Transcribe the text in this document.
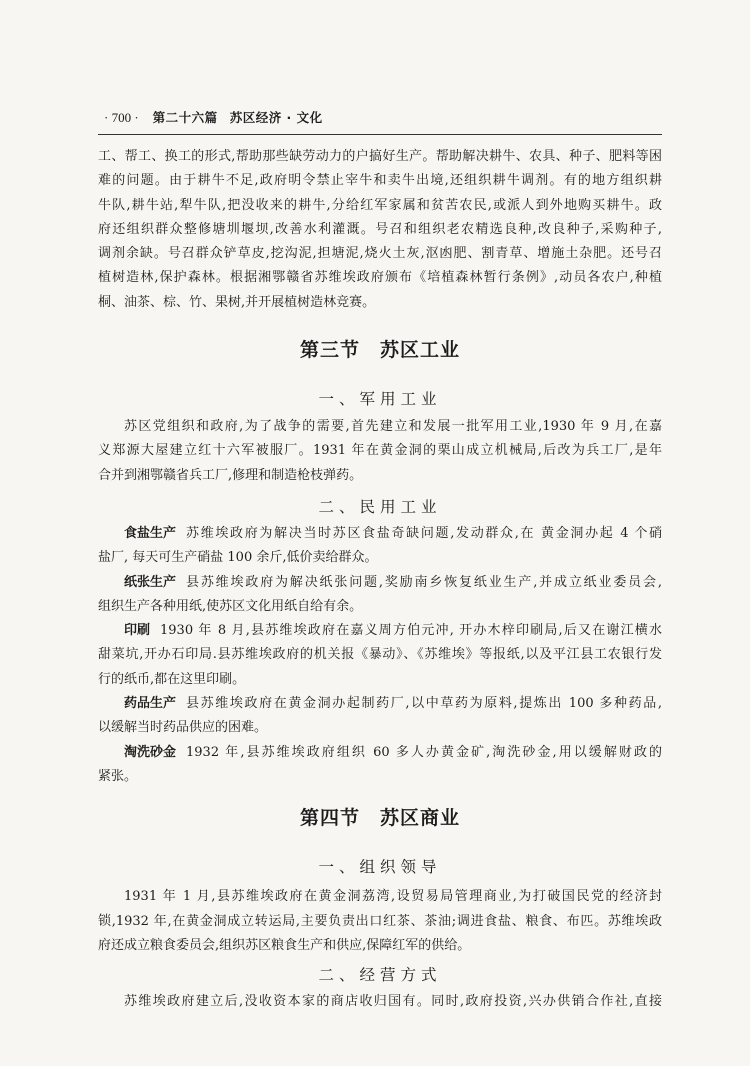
· 700 · 第二十六篇 苏区经济 · 文化
工、帮工、换工的形式,帮助那些缺劳动力的户搞好生产。帮助解决耕牛、农具、种子、肥料等困
难的问题。由于耕牛不足,政府明令禁止宰牛和卖牛出境,还组织耕牛调剂。有的地方组织耕
牛队,耕牛站,犁牛队,把没收来的耕牛,分给红军家属和贫苦农民,或派人到外地购买耕牛。政
府还组织群众整修塘圳堰坝,改善水利灌溉。号召和组织老农精选良种,改良种子,采购种子,
调剂余缺。号召群众铲草皮,挖沟泥,担塘泥,烧火土灰,沤凼肥、割青草、增施土杂肥。还号召
植树造林,保护森林。根据湘鄂赣省苏维埃政府颁布《培植森林暂行条例》,动员各农户,种植
桐、油茶、棕、竹、果树,并开展植树造林竞赛。
第三节 苏区工业
一、军用工业
苏区党组织和政府,为了战争的需要,首先建立和发展一批军用工业,1930 年 9 月,在嘉
义郑源大屋建立红十六军被服厂。1931 年在黄金洞的栗山成立机械局,后改为兵工厂,是年
合并到湘鄂赣省兵工厂,修理和制造枪枝弹药。
二、民用工业
食盐生产 苏维埃政府为解决当时苏区食盐奇缺问题,发动群众,在 黄金洞办起 4 个硝
盐厂, 每天可生产硝盐 100 余斤,低价卖给群众。
纸张生产 县苏维埃政府为解决纸张问题,奖励南乡恢复纸业生产,并成立纸业委员会,
组织生产各种用纸,使苏区文化用纸自给有余。
印刷 1930 年 8 月,县苏维埃政府在嘉义周方伯元冲, 开办木梓印刷局,后又在谢江横水
甜菜坑,开办石印局.县苏维埃政府的机关报《暴动》、《苏维埃》等报纸,以及平江县工农银行发
行的纸币,都在这里印刷。
药品生产 县苏维埃政府在黄金洞办起制药厂,以中草药为原料,提炼出 100 多种药品,
以缓解当时药品供应的困难。
淘洗砂金 1932 年,县苏维埃政府组织 60 多人办黄金矿,淘洗砂金,用以缓解财政的
紧张。
第四节 苏区商业
一、组织领导
1931 年 1 月,县苏维埃政府在黄金洞荔湾,设贸易局管理商业,为打破国民党的经济封
锁,1932 年,在黄金洞成立转运局,主要负责出口红茶、茶油;调进食盐、粮食、布匹。苏维埃政
府还成立粮食委员会,组织苏区粮食生产和供应,保障红军的供给。
二、经营方式
苏维埃政府建立后,没收资本家的商店收归国有。同时,政府投资,兴办供销合作社,直接
